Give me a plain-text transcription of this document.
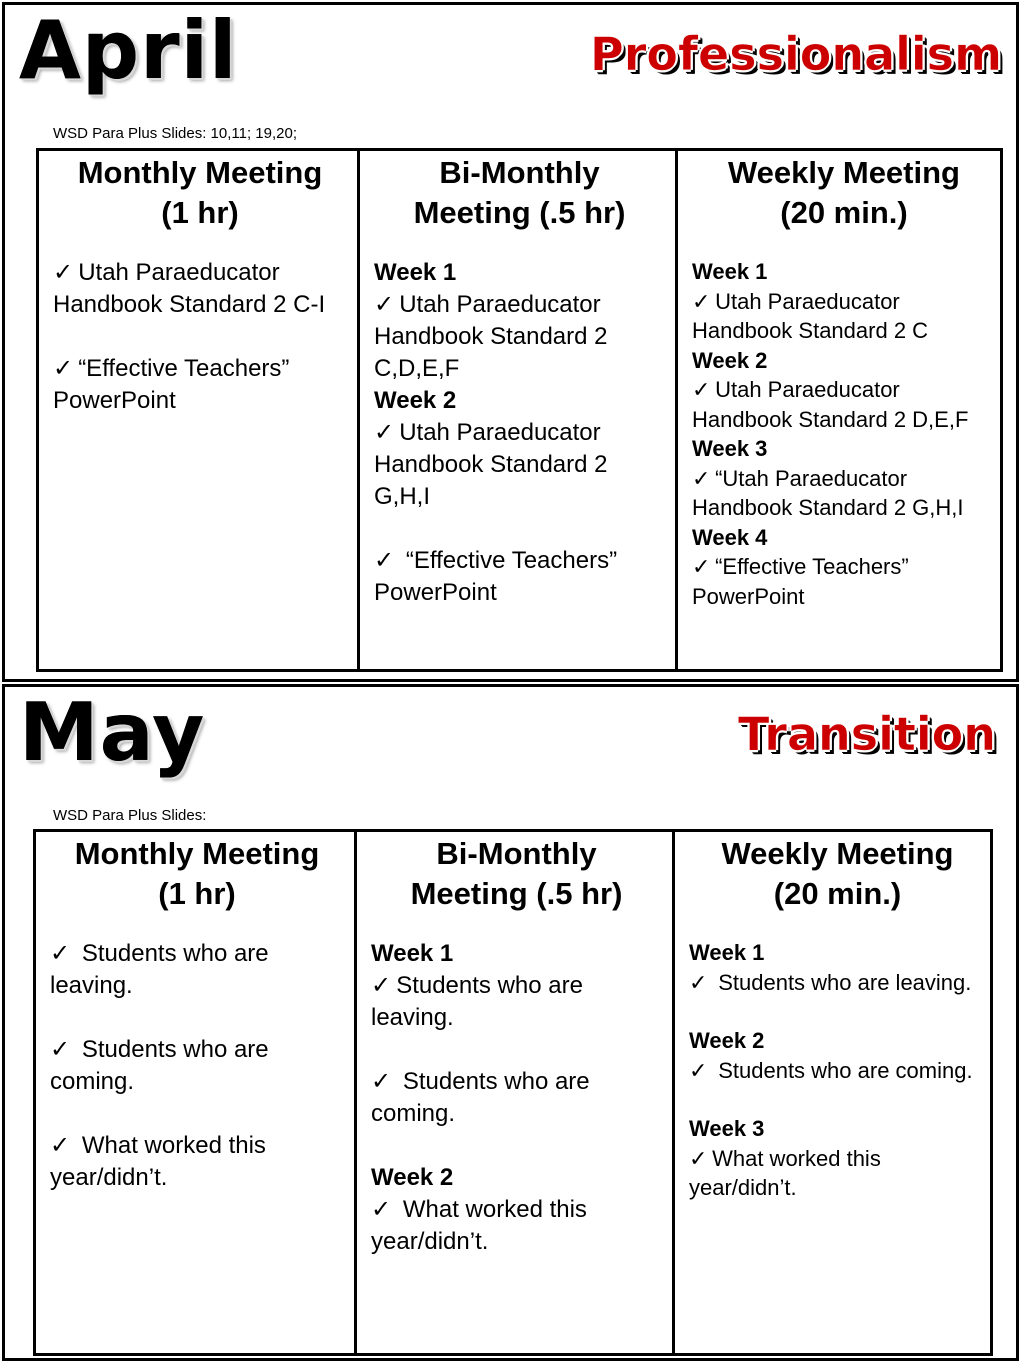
April	Professionalism
WSD Para Plus Slides: 10,11; 19,20;
Monthly Meeting
(1 hr)
✓ Utah Paraeducator Handbook Standard 2 C-I
✓ “Effective Teachers” PowerPoint
Bi-Monthly
Meeting (.5 hr)
Week 1
✓ Utah Paraeducator Handbook Standard 2 C,D,E,F
Week 2
✓ Utah Paraeducator Handbook Standard 2 G,H,I
✓ “Effective Teachers” PowerPoint
Weekly Meeting
(20 min.)
Week 1
✓ Utah Paraeducator Handbook Standard 2 C
Week 2
✓ Utah Paraeducator Handbook Standard 2 D,E,F
Week 3
✓ “Utah Paraeducator Handbook Standard 2 G,H,I
Week 4
✓ “Effective Teachers” PowerPoint
May	Transition
WSD Para Plus Slides:
Monthly Meeting
(1 hr)
✓ Students who are leaving.
✓ Students who are coming.
✓ What worked this year/didn’t.
Bi-Monthly
Meeting (.5 hr)
Week 1
✓ Students who are leaving.
✓ Students who are coming.
Week 2
✓ What worked this year/didn’t.
Weekly Meeting
(20 min.)
Week 1
✓ Students who are leaving.
Week 2
✓ Students who are coming.
Week 3
✓ What worked this year/didn’t.
